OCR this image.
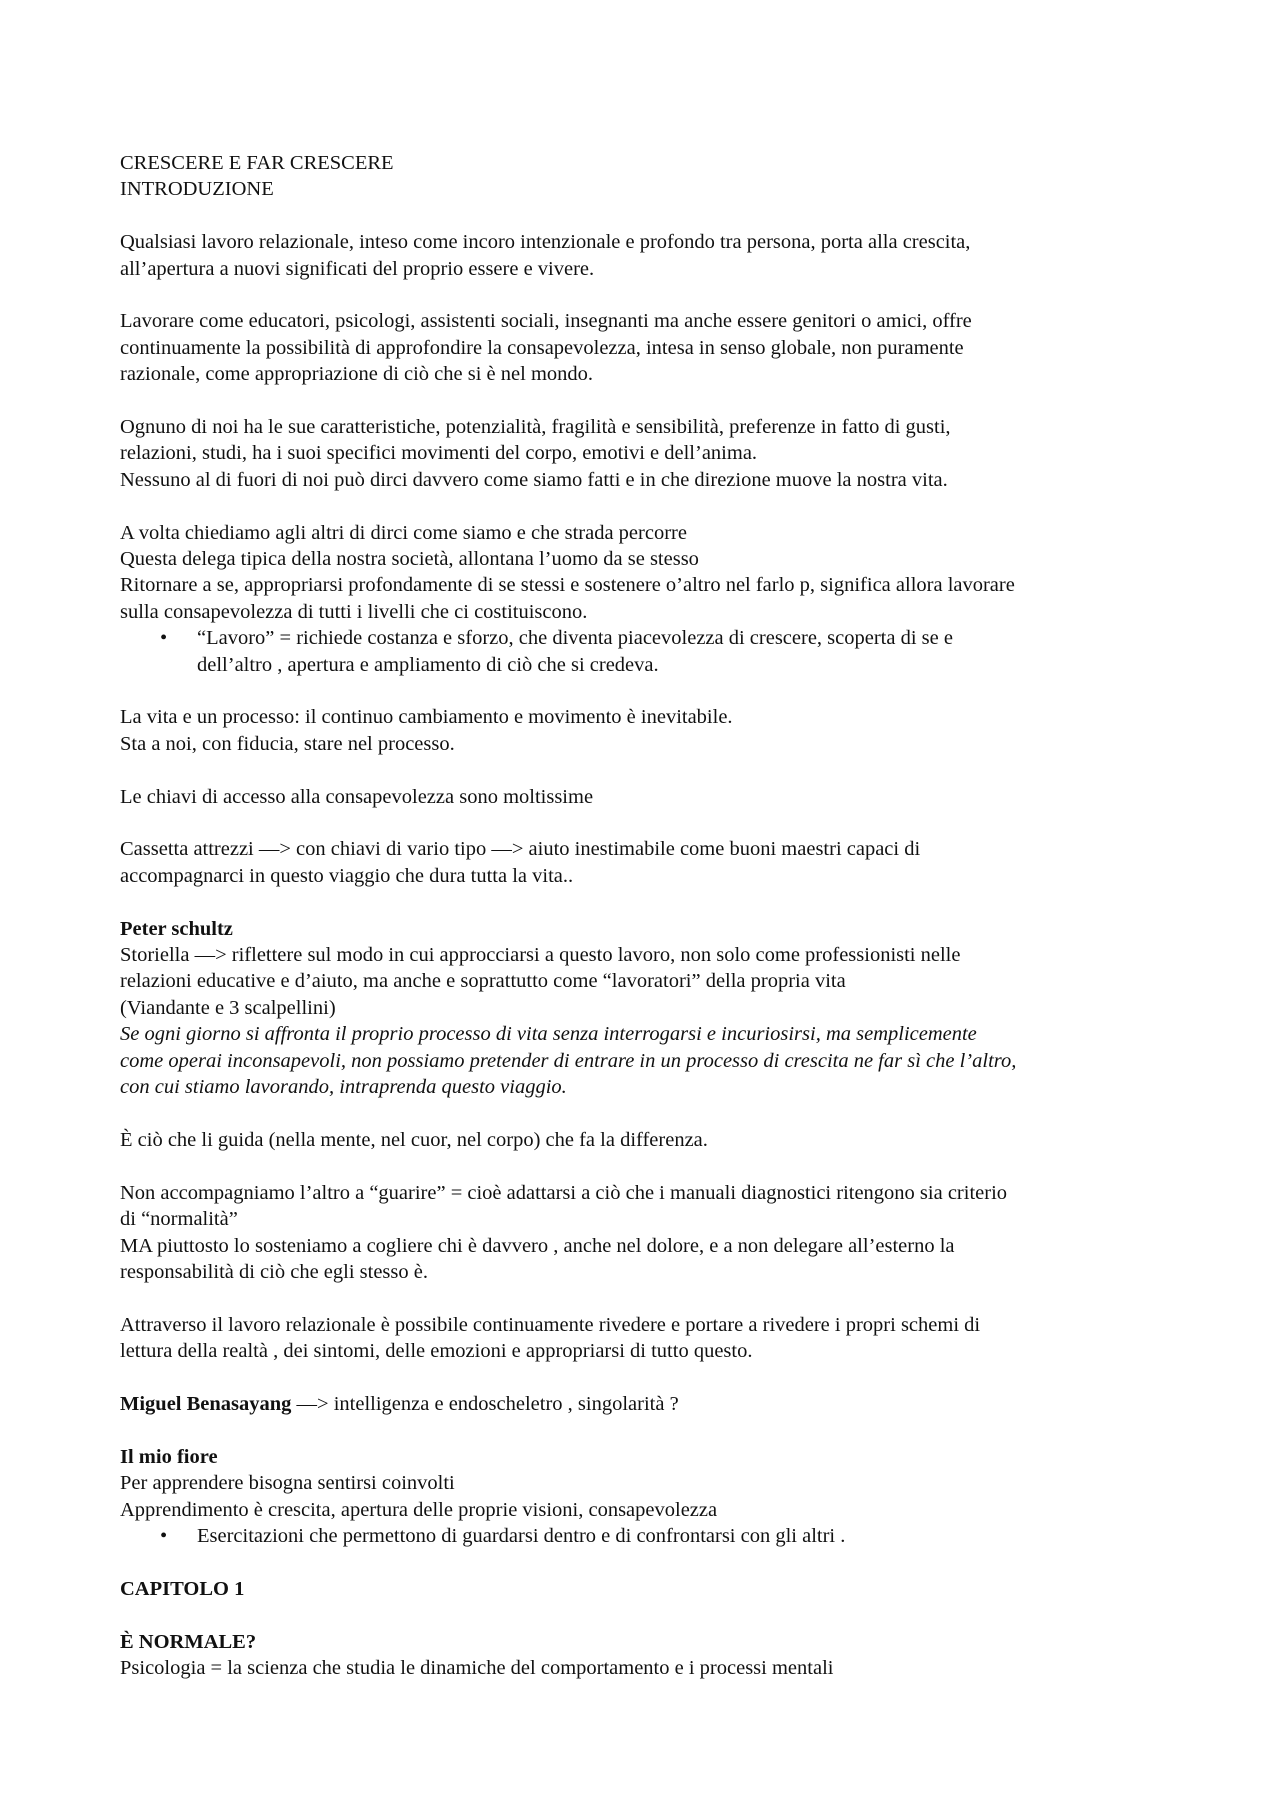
CRESCERE E FAR CRESCERE
INTRODUZIONE
Qualsiasi lavoro relazionale, inteso come incoro intenzionale e profondo tra persona, porta alla crescita,
all’apertura a nuovi significati del proprio essere e vivere.
Lavorare come educatori, psicologi, assistenti sociali, insegnanti ma anche essere genitori o amici, offre
continuamente la possibilità di approfondire la consapevolezza, intesa in senso globale, non puramente
razionale, come appropriazione di ciò che si è nel mondo.
Ognuno di noi ha le sue caratteristiche, potenzialità, fragilità e sensibilità, preferenze in fatto di gusti,
relazioni, studi, ha i suoi specifici movimenti del corpo, emotivi e dell’anima.
Nessuno al di fuori di noi può dirci davvero come siamo fatti e in che direzione muove la nostra vita.
A volta chiediamo agli altri di dirci come siamo e che strada percorre
Questa delega tipica della nostra società, allontana l’uomo da se stesso
Ritornare a se, appropriarsi profondamente di se stessi e sostenere o’altro nel farlo p, significa allora lavorare
sulla consapevolezza di tutti i livelli che ci costituiscono.
• “Lavoro” = richiede costanza e sforzo, che diventa piacevolezza di crescere, scoperta di se e
dell’altro , apertura e ampliamento di ciò che si credeva.
La vita e un processo: il continuo cambiamento e movimento è inevitabile.
Sta a noi, con fiducia, stare nel processo.
Le chiavi di accesso alla consapevolezza sono moltissime
Cassetta attrezzi —> con chiavi di vario tipo —> aiuto inestimabile come buoni maestri capaci di
accompagnarci in questo viaggio che dura tutta la vita..
Peter schultz
Storiella —> riflettere sul modo in cui approcciarsi a questo lavoro, non solo come professionisti nelle
relazioni educative e d’aiuto, ma anche e soprattutto come “lavoratori” della propria vita
(Viandante e 3 scalpellini)
Se ogni giorno si affronta il proprio processo di vita senza interrogarsi e incuriosirsi, ma semplicemente
come operai inconsapevoli, non possiamo pretender di entrare in un processo di crescita ne far sì che l’altro,
con cui stiamo lavorando, intraprenda questo viaggio.
È ciò che li guida (nella mente, nel cuor, nel corpo) che fa la differenza.
Non accompagniamo l’altro a “guarire” = cioè adattarsi a ciò che i manuali diagnostici ritengono sia criterio
di “normalità”
MA piuttosto lo sosteniamo a cogliere chi è davvero , anche nel dolore, e a non delegare all’esterno la
responsabilità di ciò che egli stesso è.
Attraverso il lavoro relazionale è possibile continuamente rivedere e portare a rivedere i propri schemi di
lettura della realtà , dei sintomi, delle emozioni e appropriarsi di tutto questo.
Miguel Benasayang —> intelligenza e endoscheletro , singolarità ?
Il mio fiore
Per apprendere bisogna sentirsi coinvolti
Apprendimento è crescita, apertura delle proprie visioni, consapevolezza
• Esercitazioni che permettono di guardarsi dentro e di confrontarsi con gli altri .
CAPITOLO 1
È NORMALE?
Psicologia = la scienza che studia le dinamiche del comportamento e i processi mentali
